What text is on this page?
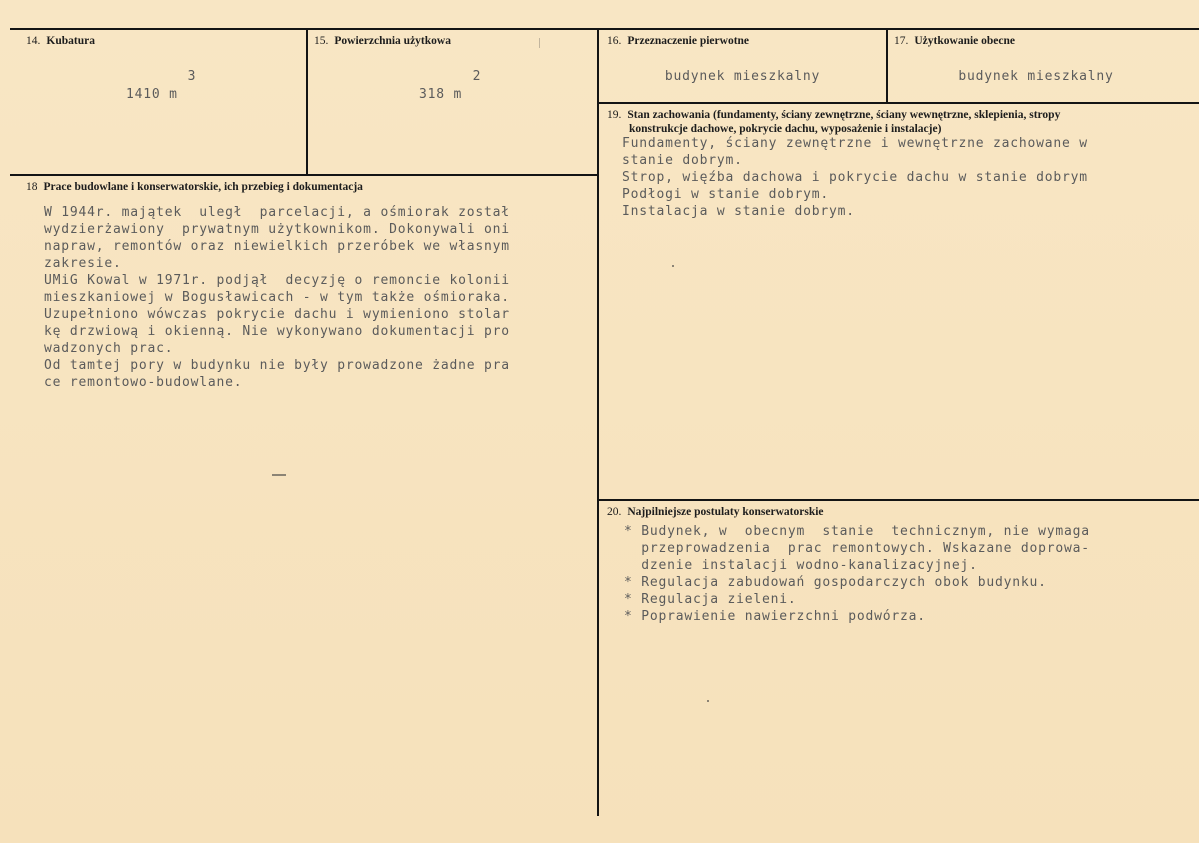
14. Kubatura
3
1410 m
15. Powierzchnia użytkowa
2
318 m
16. Przeznaczenie pierwotne
budynek mieszkalny
17. Użytkowanie obecne
budynek mieszkalny
18 Prace budowlane i konserwatorskie, ich przebieg i dokumentacja
W 1944r. majątek  uległ  parcelacji, a ośmiorak został
wydzierżawiony  prywatnym użytkownikom. Dokonywali oni
napraw, remontów oraz niewielkich przeróbek we własnym
zakresie.
UMiG Kowal w 1971r. podjął  decyzję o remoncie kolonii
mieszkaniowej w Bogusławicach - w tym także ośmioraka.
Uzupełniono wówczas pokrycie dachu i wymieniono stolar
kę drzwiową i okienną. Nie wykonywano dokumentacji pro
wadzonych prac.
Od tamtej pory w budynku nie były prowadzone żadne pra
ce remontowo-budowlane.
19. Stan zachowania (fundamenty, ściany zewnętrzne, ściany wewnętrzne, sklepienia, stropy
konstrukcje dachowe, pokrycie dachu, wyposażenie i instalacje)
Fundamenty, ściany zewnętrzne i wewnętrzne zachowane w
stanie dobrym.
Strop, więźba dachowa i pokrycie dachu w stanie dobrym
Podłogi w stanie dobrym.
Instalacja w stanie dobrym.
20. Najpilniejsze postulaty konserwatorskie
* Budynek, w  obecnym  stanie  technicznym, nie wymaga
przeprowadzenia  prac remontowych. Wskazane doprowa-
dzenie instalacji wodno-kanalizacyjnej.
* Regulacja zabudowań gospodarczych obok budynku.
* Regulacja zieleni.
* Poprawienie nawierzchni podwórza.
